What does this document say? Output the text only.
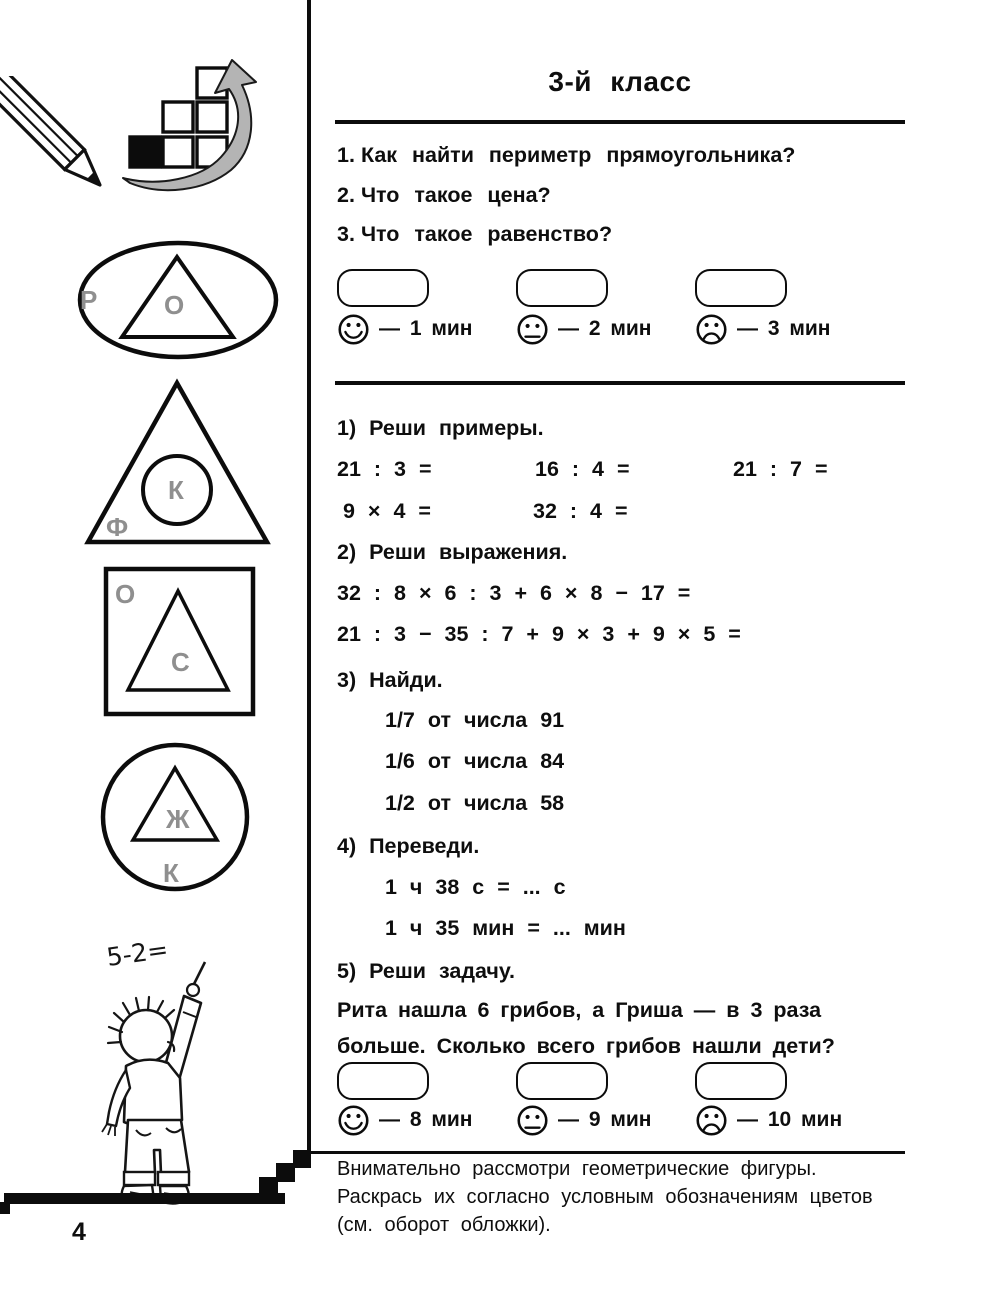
Р	О
К
Ф
О
С
Ж
К
5-2=
4
3-й класс
1. Как найти периметр прямоугольника?
2. Что такое цена?
3. Что такое равенство?
— 1 мин	— 2 мин	— 3 мин
1) Реши примеры.
21 : 3 =	16 : 4 =	21 : 7 =
9 × 4 =	32 : 4 =
2) Реши выражения.
32 : 8 × 6 : 3 + 6 × 8 − 17 =
21 : 3 − 35 : 7 + 9 × 3 + 9 × 5 =
3) Найди.
1/7 от числа 91
1/6 от числа 84
1/2 от числа 58
4) Переведи.
1 ч 38 с = ... с
1 ч 35 мин = ... мин
5) Реши задачу.
Рита нашла 6 грибов, а Гриша — в 3 раза
больше. Сколько всего грибов нашли дети?
— 8 мин	— 9 мин	— 10 мин
Внимательно рассмотри геометрические фигуры.
Раскрась их согласно условным обозначениям цветов
(см. оборот обложки).
